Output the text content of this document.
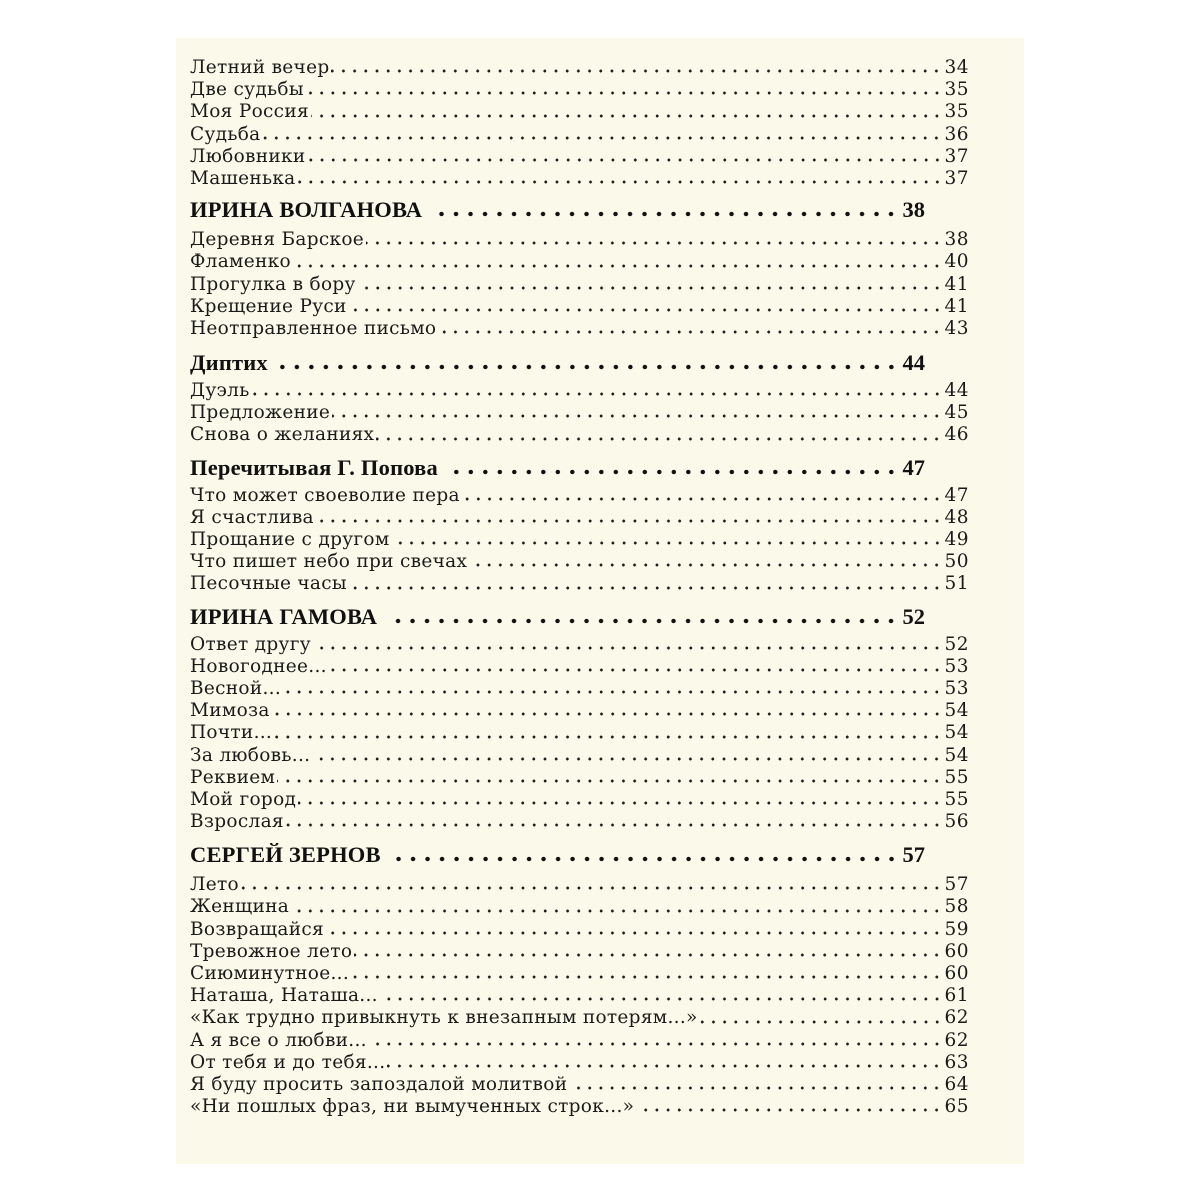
Летний вечер	34
Две судьбы	35
Моя Россия	35
Судьба	36
Любовники	37
Машенька	37
ИРИНА ВОЛГАНОВА	38
Деревня Барское	38
Фламенко	40
Прогулка в бору	41
Крещение Руси	41
Неотправленное письмо	43
Диптих	44
Дуэль	44
Предложение	45
Снова о желаниях	46
Перечитывая Г. Попова	47
Что может своеволие пера	47
Я счастлива	48
Прощание с другом	49
Что пишет небо при свечах	50
Песочные часы	51
ИРИНА ГАМОВА	52
Ответ другу	52
Новогоднее...	53
Весной...	53
Мимоза	54
Почти...	54
За любовь...	54
Реквием	55
Мой город	55
Взрослая	56
СЕРГЕЙ ЗЕРНОВ	57
Лето	57
Женщина	58
Возвращайся	59
Тревожное лето	60
Сиюминутное...	60
Наташа, Наташа...	61
«Как трудно привыкнуть к внезапным потерям...»	62
А я все о любви...	62
От тебя и до тебя...	63
Я буду просить запоздалой молитвой	64
«Ни пошлых фраз, ни вымученных строк...»	65
